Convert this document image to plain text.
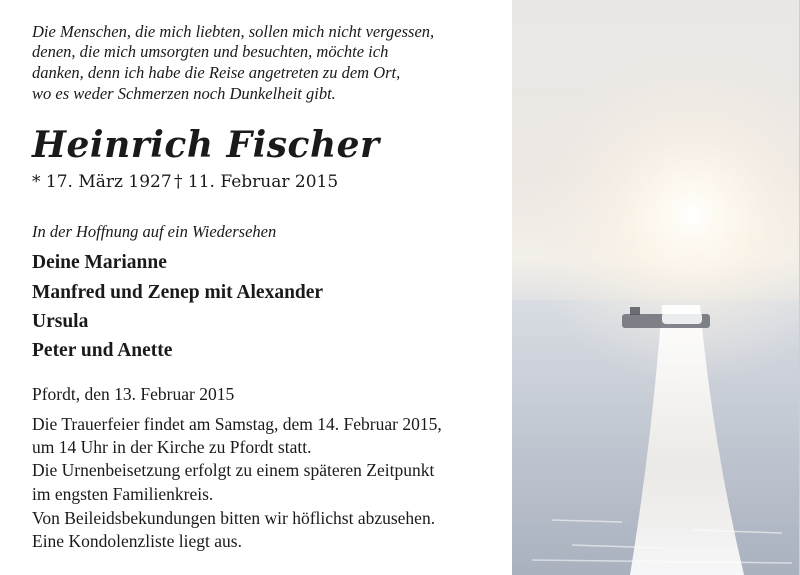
Die Menschen, die mich liebten, sollen mich nicht vergessen,
denen, die mich umsorgten und besuchten, möchte ich
danken, denn ich habe die Reise angetreten zu dem Ort,
wo es weder Schmerzen noch Dunkelheit gibt.
Heinrich Fischer
* 17. März 1927 † 11. Februar 2015
In der Hoffnung auf ein Wiedersehen
Deine Marianne
Manfred und Zenep mit Alexander
Ursula
Peter und Anette
Pfordt, den 13. Februar 2015
Die Trauerfeier findet am Samstag, dem 14. Februar 2015,
um 14 Uhr in der Kirche zu Pfordt statt.
Die Urnenbeisetzung erfolgt zu einem späteren Zeitpunkt
im engsten Familienkreis.
Von Beileidsbekundungen bitten wir höflichst abzusehen.
Eine Kondolenzliste liegt aus.
